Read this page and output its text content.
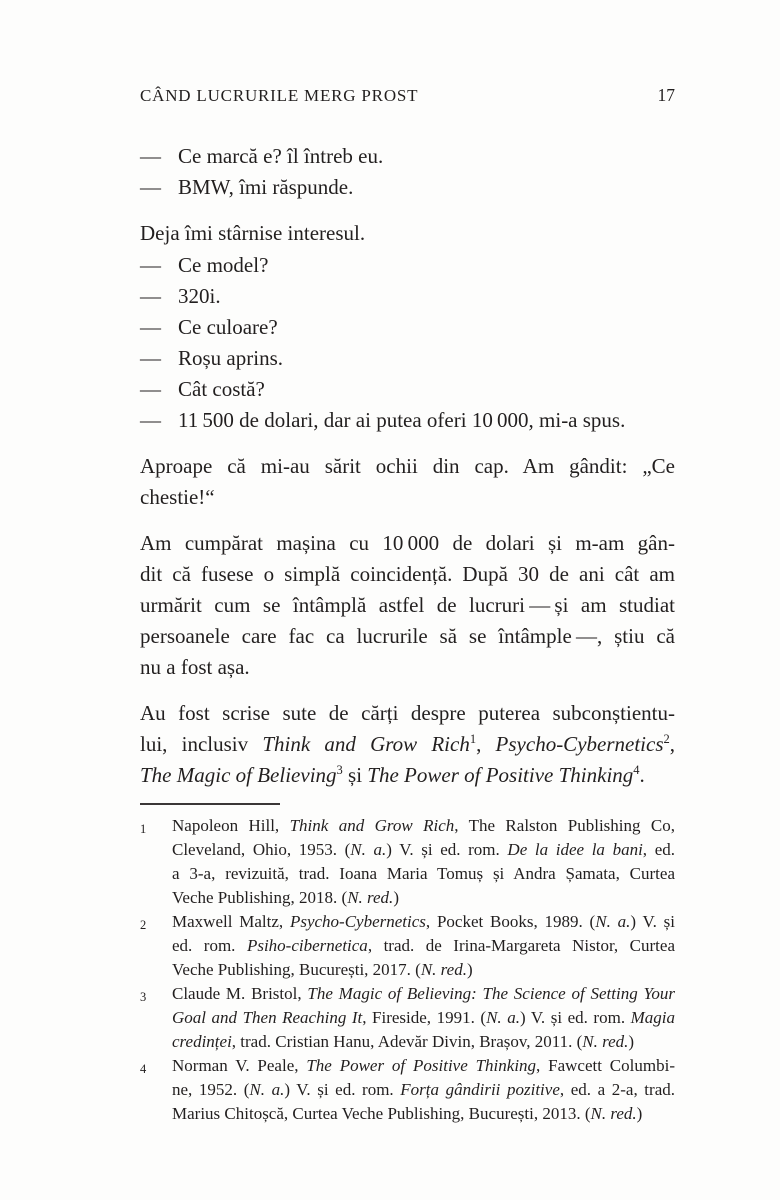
CÂND LUCRURILE MERG PROST	17
— Ce marcă e? îl întreb eu.
— BMW, îmi răspunde.
Deja îmi stârnise interesul.
— Ce model?
— 320i.
— Ce culoare?
— Roșu aprins.
— Cât costă?
— 11 500 de dolari, dar ai putea oferi 10 000, mi-a spus.
Aproape că mi-au sărit ochii din cap. Am gândit: „Ce
chestie!“
Am cumpărat mașina cu 10 000 de dolari și m-am gân-
dit că fusese o simplă coincidență. După 30 de ani cât am
urmărit cum se întâmplă astfel de lucruri — și am studiat
persoanele care fac ca lucrurile să se întâmple —, știu că
nu a fost așa.
Au fost scrise sute de cărți despre puterea subconștientu-
lui, inclusiv Think and Grow Rich$^1$, Psycho-Cybernetics$^2$,
The Magic of Believing$^3$ și The Power of Positive Thinking$^4$.
1	Napoleon Hill, Think and Grow Rich, The Ralston Publishing Co,
Cleveland, Ohio, 1953. (N. a.) V. și ed. rom. De la idee la bani, ed.
a 3-a, revizuită, trad. Ioana Maria Tomuș și Andra Șamata, Curtea
Veche Publishing, 2018. (N. red.)
2	Maxwell Maltz, Psycho-Cybernetics, Pocket Books, 1989. (N. a.) V. și
ed. rom. Psiho-cibernetica, trad. de Irina-Margareta Nistor, Curtea
Veche Publishing, București, 2017. (N. red.)
3	Claude M. Bristol, The Magic of Believing: The Science of Setting Your
Goal and Then Reaching It, Fireside, 1991. (N. a.) V. și ed. rom. Magia
credinței, trad. Cristian Hanu, Adevăr Divin, Brașov, 2011. (N. red.)
4	Norman V. Peale, The Power of Positive Thinking, Fawcett Columbi-
ne, 1952. (N. a.) V. și ed. rom. Forța gândirii pozitive, ed. a 2-a, trad.
Marius Chitoșcă, Curtea Veche Publishing, București, 2013. (N. red.)
